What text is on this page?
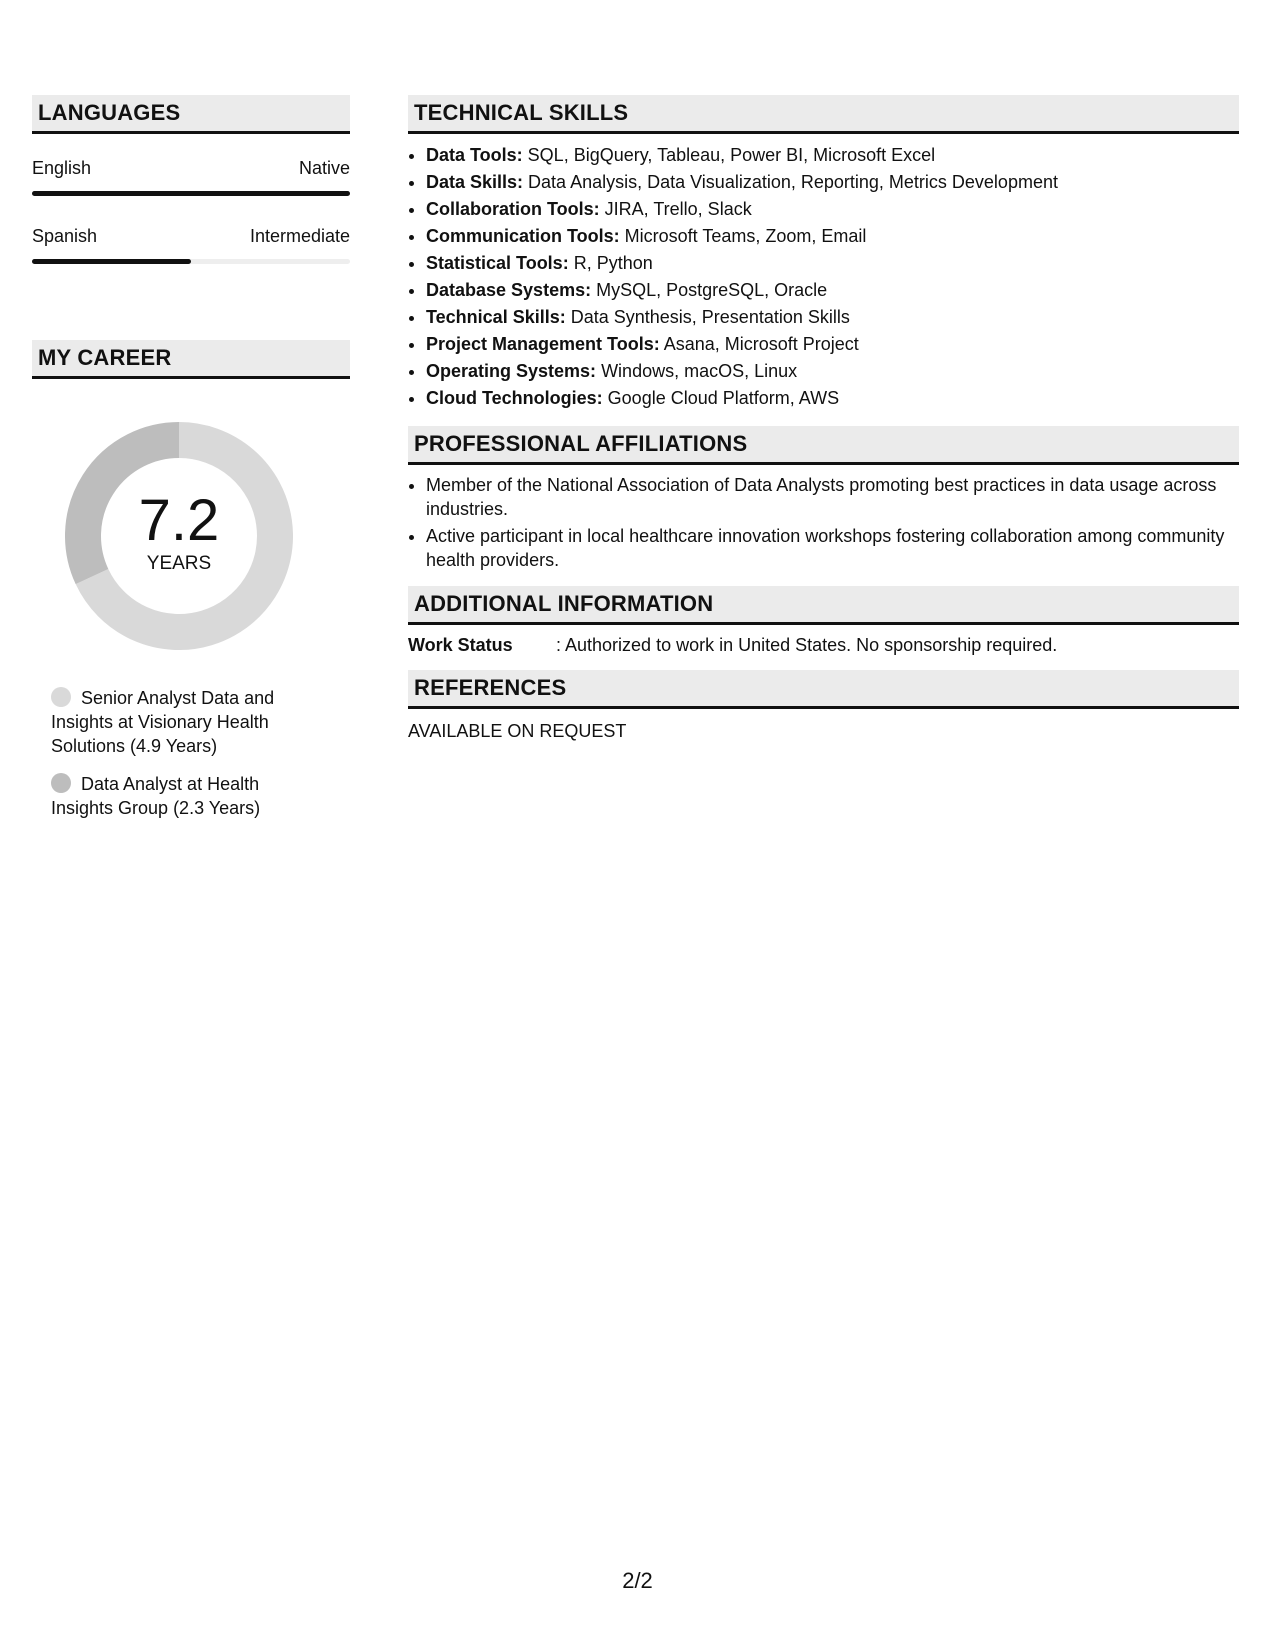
LANGUAGES
English	Native
Spanish	Intermediate
MY CAREER
7.2
YEARS
Senior Analyst Data and Insights at Visionary Health Solutions (4.9 Years)
Data Analyst at Health Insights Group (2.3 Years)
TECHNICAL SKILLS
• Data Tools: SQL, BigQuery, Tableau, Power BI, Microsoft Excel
• Data Skills: Data Analysis, Data Visualization, Reporting, Metrics Development
• Collaboration Tools: JIRA, Trello, Slack
• Communication Tools: Microsoft Teams, Zoom, Email
• Statistical Tools: R, Python
• Database Systems: MySQL, PostgreSQL, Oracle
• Technical Skills: Data Synthesis, Presentation Skills
• Project Management Tools: Asana, Microsoft Project
• Operating Systems: Windows, macOS, Linux
• Cloud Technologies: Google Cloud Platform, AWS
PROFESSIONAL AFFILIATIONS
• Member of the National Association of Data Analysts promoting best practices in data usage across industries.
• Active participant in local healthcare innovation workshops fostering collaboration among community health providers.
ADDITIONAL INFORMATION
Work Status	: Authorized to work in United States. No sponsorship required.
REFERENCES
AVAILABLE ON REQUEST
2/2
